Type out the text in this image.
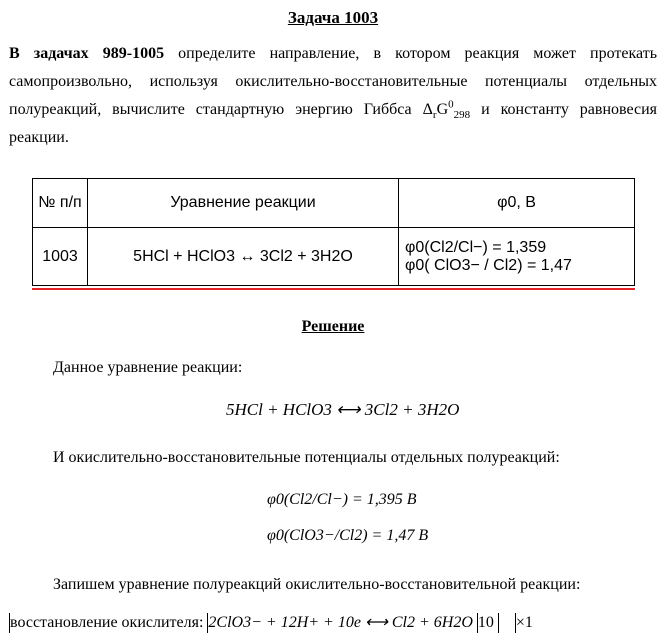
Задача 1003

В задачах 989-1005 определите направление, в котором реакция может протекать самопроизвольно, используя окислительно-восстановительные потенциалы отдельных полуреакций, вычислите стандартную энергию Гиббса $\Delta_rG^0_{298}$ и константу равновесия реакции.

№ п/п	Уравнение реакции	φ0, В
1003	5HCl + HClO3 ↔ 3Cl2 + 3H2O	φ0(Cl2/Cl−) = 1,359
φ0( ClO3− / Cl2) = 1,47
Решение
Данное уравнение реакции:
5HCl + HClO3 ⟷ 3Cl2 + 3H2O
И окислительно-восстановительные потенциалы отдельных полуреакций:
φ0(Cl2/Cl−) = 1,395 В
φ0(ClO3−/Cl2) = 1,47 В
Запишем уравнение полуреакций окислительно-восстановительной реакции:
восстановление окислителя: 2ClO3− + 12H+ + 10e ⟷ Cl2 + 6H2O 10 ×1
